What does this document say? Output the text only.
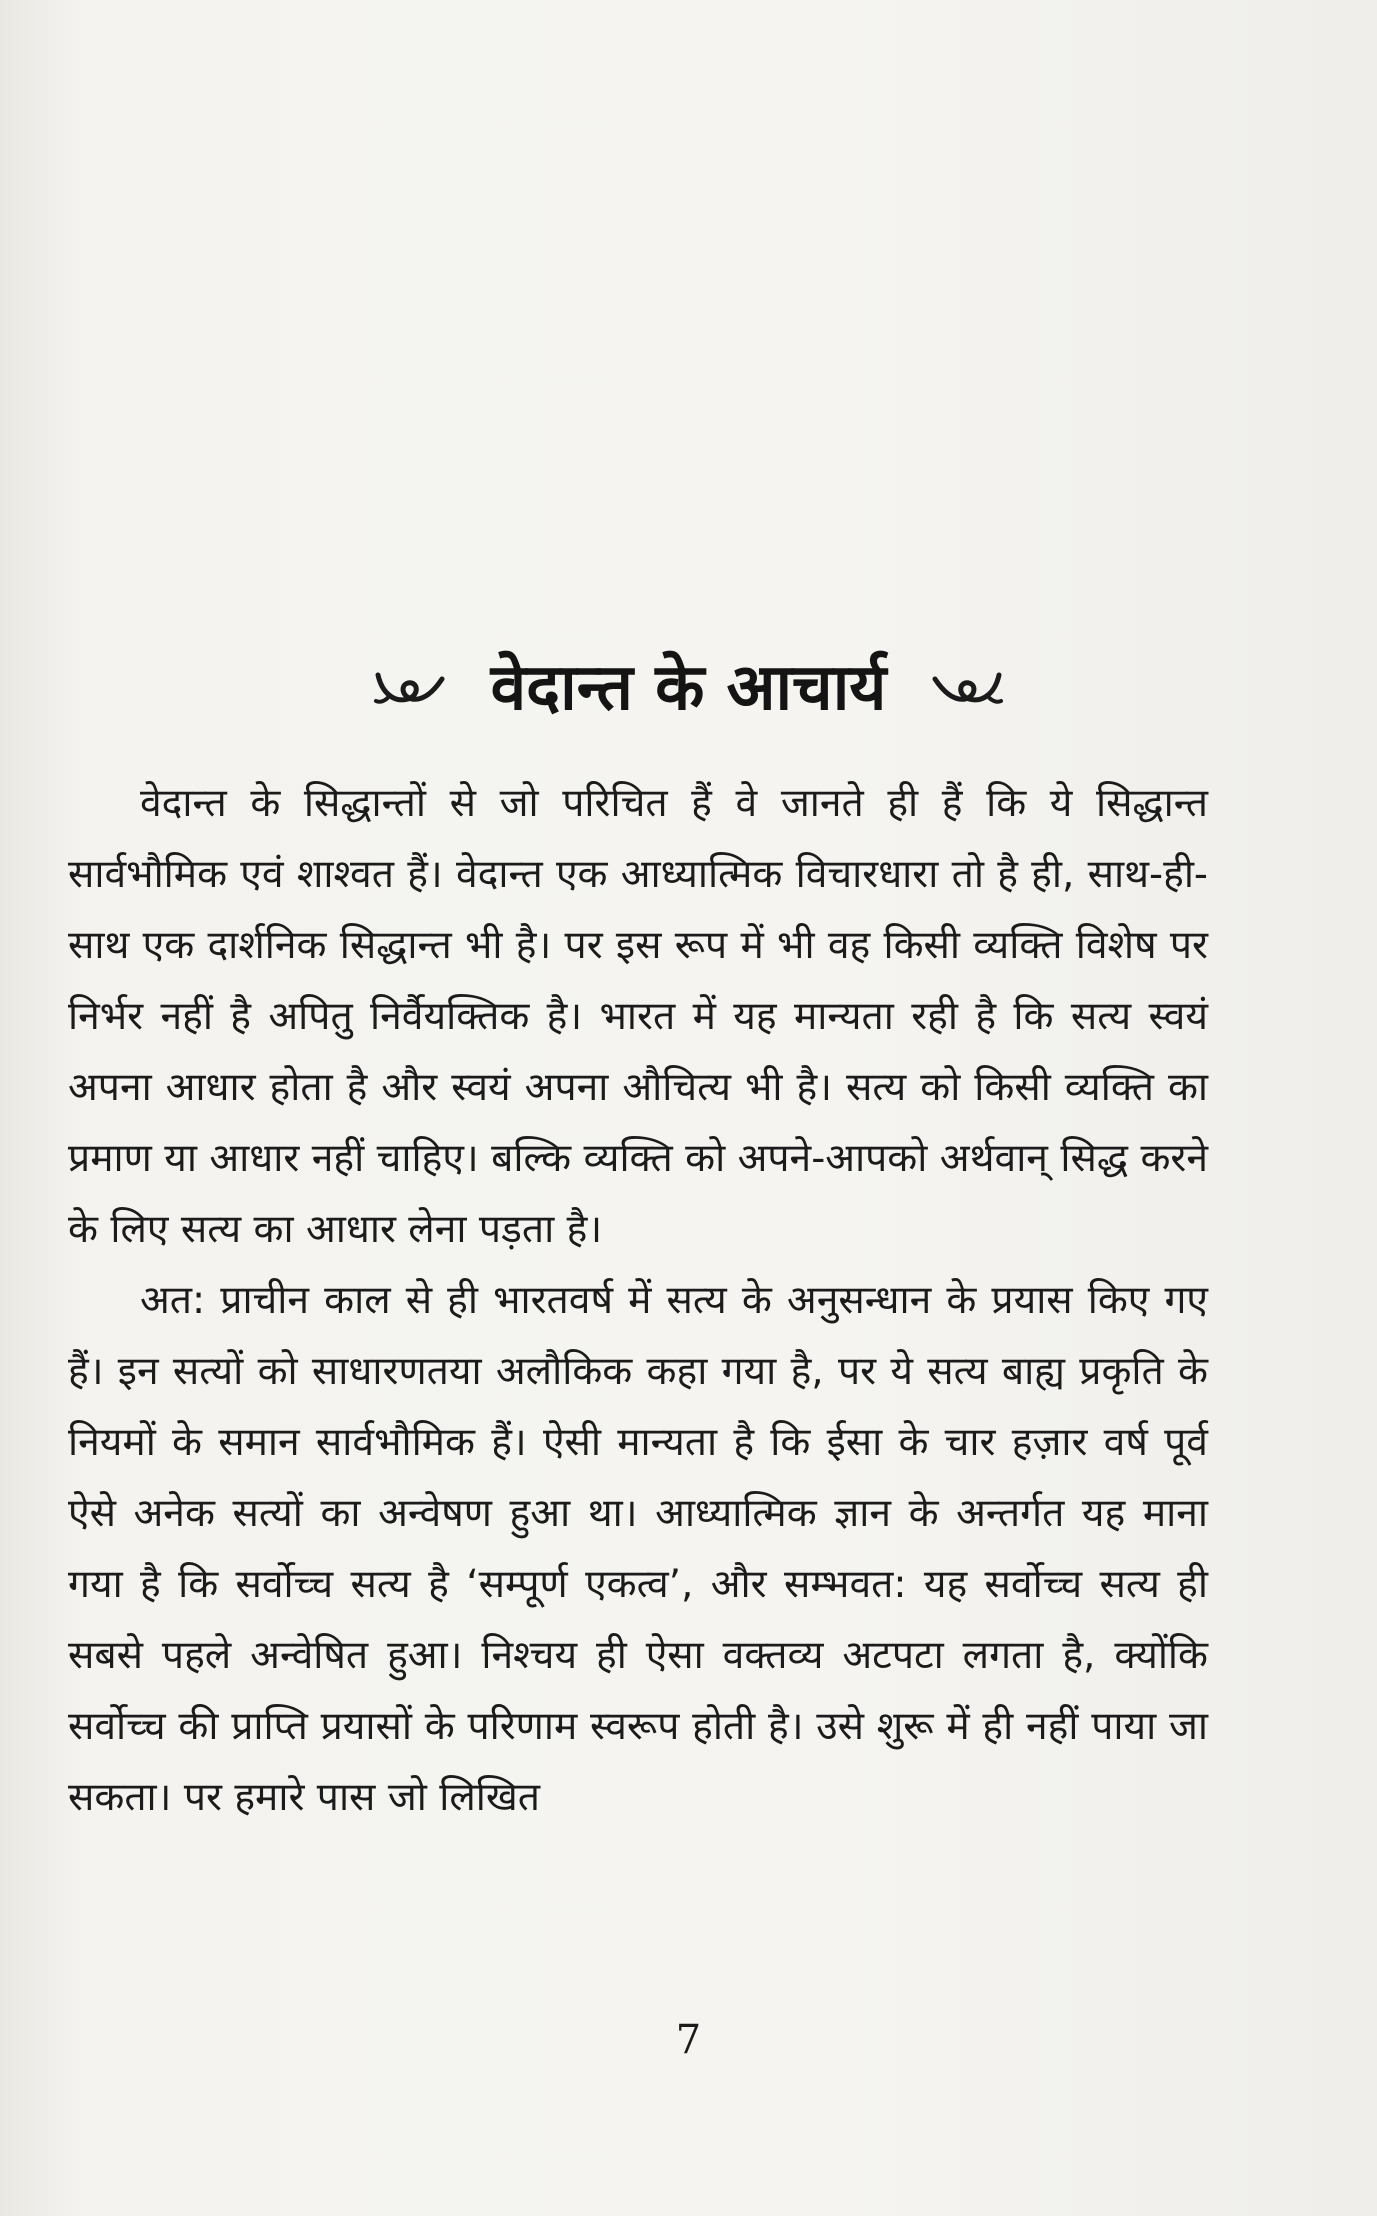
वेदान्त के आचार्य

वेदान्त के सिद्धान्तों से जो परिचित हैं वे जानते ही हैं कि ये सिद्धान्त सार्वभौमिक एवं शाश्वत हैं। वेदान्त एक आध्यात्मिक विचारधारा तो है ही, साथ-ही-साथ एक दार्शनिक सिद्धान्त भी है। पर इस रूप में भी वह किसी व्यक्ति विशेष पर निर्भर नहीं है अपितु निर्वैयक्तिक है। भारत में यह मान्यता रही है कि सत्य स्वयं अपना आधार होता है और स्वयं अपना औचित्य भी है। सत्य को किसी व्यक्ति का प्रमाण या आधार नहीं चाहिए। बल्कि व्यक्ति को अपने-आपको अर्थवान् सिद्ध करने के लिए सत्य का आधार लेना पड़ता है।

अत: प्राचीन काल से ही भारतवर्ष में सत्य के अनुसन्धान के प्रयास किए गए हैं। इन सत्यों को साधारणतया अलौकिक कहा गया है, पर ये सत्य बाह्य प्रकृति के नियमों के समान सार्वभौमिक हैं। ऐसी मान्यता है कि ईसा के चार हज़ार वर्ष पूर्व ऐसे अनेक सत्यों का अन्वेषण हुआ था। आध्यात्मिक ज्ञान के अन्तर्गत यह माना गया है कि सर्वोच्च सत्य है ‘सम्पूर्ण एकत्व’, और सम्भवत: यह सर्वोच्च सत्य ही सबसे पहले अन्वेषित हुआ। निश्चय ही ऐसा वक्तव्य अटपटा लगता है, क्योंकि सर्वोच्च की प्राप्ति प्रयासों के परिणाम स्वरूप होती है। उसे शुरू में ही नहीं पाया जा सकता। पर हमारे पास जो लिखित

7
